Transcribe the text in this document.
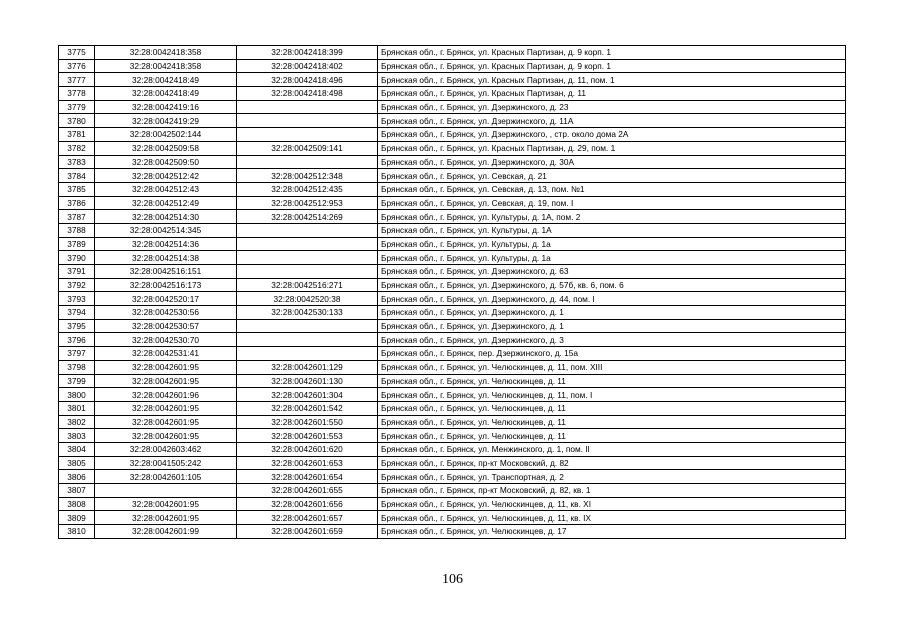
3775	32:28:0042418:358	32:28:0042418:399	Брянская обл., г. Брянск, ул. Красных Партизан, д. 9 корп. 1
3776	32:28:0042418:358	32:28:0042418:402	Брянская обл., г. Брянск, ул. Красных Партизан, д. 9 корп. 1
3777	32:28:0042418:49	32:28:0042418:496	Брянская обл., г. Брянск, ул. Красных Партизан, д. 11, пом. 1
3778	32:28:0042418:49	32:28:0042418:498	Брянская обл., г. Брянск, ул. Красных Партизан, д. 11
3779	32:28:0042419:16		Брянская обл., г. Брянск, ул. Дзержинского, д. 23
3780	32:28:0042419:29		Брянская обл., г. Брянск, ул. Дзержинского, д. 11А
3781	32:28:0042502:144		Брянская обл., г. Брянск, ул. Дзержинского, , стр. около дома 2А
3782	32:28:0042509:58	32:28:0042509:141	Брянская обл., г. Брянск, ул. Красных Партизан, д. 29, пом. 1
3783	32:28:0042509:50		Брянская обл., г. Брянск, ул. Дзержинского, д. 30А
3784	32:28:0042512:42	32:28:0042512:348	Брянская обл., г. Брянск, ул. Севская, д. 21
3785	32:28:0042512:43	32:28:0042512:435	Брянская обл., г. Брянск, ул. Севская, д. 13, пом. №1
3786	32:28:0042512:49	32:28:0042512:953	Брянская обл., г. Брянск, ул. Севская, д. 19, пом. I
3787	32:28:0042514:30	32:28:0042514:269	Брянская обл., г. Брянск, ул. Культуры, д. 1А, пом. 2
3788	32:28:0042514:345		Брянская обл., г. Брянск, ул. Культуры, д. 1А
3789	32:28:0042514:36		Брянская обл., г. Брянск, ул. Культуры, д. 1а
3790	32:28:0042514:38		Брянская обл., г. Брянск, ул. Культуры, д. 1а
3791	32:28:0042516:151		Брянская обл., г. Брянск, ул. Дзержинского, д. 63
3792	32:28:0042516:173	32:28:0042516:271	Брянская обл., г. Брянск, ул. Дзержинского, д. 57б, кв. 6, пом. 6
3793	32:28:0042520:17	32:28:0042520:38	Брянская обл., г. Брянск, ул. Дзержинского, д. 44, пом. I
3794	32:28:0042530:56	32:28:0042530:133	Брянская обл., г. Брянск, ул. Дзержинского, д. 1
3795	32:28:0042530:57		Брянская обл., г. Брянск, ул. Дзержинского, д. 1
3796	32:28:0042530:70		Брянская обл., г. Брянск, ул. Дзержинского, д. 3
3797	32:28:0042531:41		Брянская обл., г. Брянск, пер. Дзержинского, д. 15а
3798	32:28:0042601:95	32:28:0042601:129	Брянская обл., г. Брянск, ул. Челюскинцев, д. 11, пом. XIII
3799	32:28:0042601:95	32:28:0042601:130	Брянская обл., г. Брянск, ул. Челюскинцев, д. 11
3800	32:28:0042601:96	32:28:0042601:304	Брянская обл., г. Брянск, ул. Челюскинцев, д. 11, пом. I
3801	32:28:0042601:95	32:28:0042601:542	Брянская обл., г. Брянск, ул. Челюскинцев, д. 11
3802	32:28:0042601:95	32:28:0042601:550	Брянская обл., г. Брянск, ул. Челюскинцев, д. 11
3803	32:28:0042601:95	32:28:0042601:553	Брянская обл., г. Брянск, ул. Челюскинцев, д. 11
3804	32:28:0042603:462	32:28:0042601:620	Брянская обл., г. Брянск, ул. Менжинского, д. 1, пом. II
3805	32:28:0041505:242	32:28:0042601:653	Брянская обл., г. Брянск, пр-кт Московский, д. 82
3806	32:28:0042601:105	32:28:0042601:654	Брянская обл., г. Брянск, ул. Транспортная, д. 2
3807		32:28:0042601:655	Брянская обл., г. Брянск, пр-кт Московский, д. 82, кв. 1
3808	32:28:0042601:95	32:28:0042601:656	Брянская обл., г. Брянск, ул. Челюскинцев, д. 11, кв. XI
3809	32:28:0042601:95	32:28:0042601:657	Брянская обл., г. Брянск, ул. Челюскинцев, д. 11, кв. IX
3810	32:28:0042601:99	32:28:0042601:659	Брянская обл., г. Брянск, ул. Челюскинцев, д. 17
106
